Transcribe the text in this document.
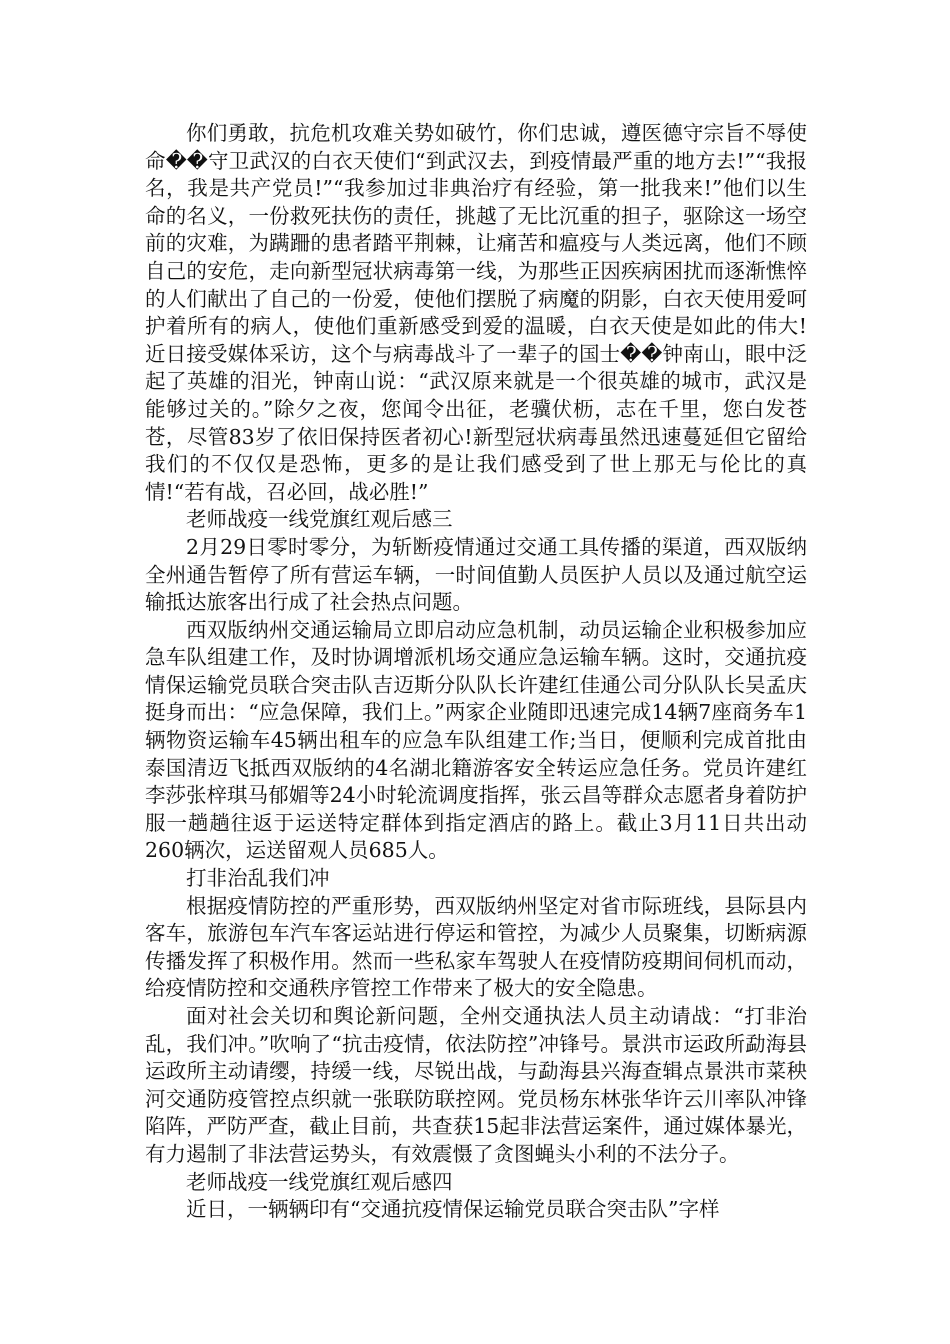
你们勇敢，抗危机攻难关势如破竹，你们忠诚，遵医德守宗旨不辱使命��守卫武汉的白衣天使们“到武汉去，到疫情最严重的地方去!”“我报名，我是共产党员!”“我参加过非典治疗有经验，第一批我来!”他们以生命的名义，一份救死扶伤的责任，挑越了无比沉重的担子，驱除这一场空前的灾难，为蹒跚的患者踏平荆棘，让痛苦和瘟疫与人类远离，他们不顾自己的安危，走向新型冠状病毒第一线，为那些正因疾病困扰而逐渐憔悴的人们献出了自己的一份爱，使他们摆脱了病魔的阴影，白衣天使用爱呵护着所有的病人，使他们重新感受到爱的温暖，白衣天使是如此的伟大!近日接受媒体采访，这个与病毒战斗了一辈子的国士��钟南山，眼中泛起了英雄的泪光，钟南山说：“武汉原来就是一个很英雄的城市，武汉是能够过关的。”除夕之夜，您闻令出征，老骥伏枥，志在千里，您白发苍苍，尽管83岁了依旧保持医者初心!新型冠状病毒虽然迅速蔓延但它留给我们的不仅仅是恐怖，更多的是让我们感受到了世上那无与伦比的真情!“若有战，召必回，战必胜!”

老师战疫一线党旗红观后感三

2月29日零时零分，为斩断疫情通过交通工具传播的渠道，西双版纳全州通告暂停了所有营运车辆，一时间值勤人员医护人员以及通过航空运输抵达旅客出行成了社会热点问题。

西双版纳州交通运输局立即启动应急机制，动员运输企业积极参加应急车队组建工作，及时协调增派机场交通应急运输车辆。这时，交通抗疫情保运输党员联合突击队吉迈斯分队队长许建红佳通公司分队队长吴孟庆挺身而出：“应急保障，我们上。”两家企业随即迅速完成14辆7座商务车1辆物资运输车45辆出租车的应急车队组建工作;当日，便顺利完成首批由泰国清迈飞抵西双版纳的4名湖北籍游客安全转运应急任务。党员许建红李莎张梓琪马郁媚等24小时轮流调度指挥，张云昌等群众志愿者身着防护服一趟趟往返于运送特定群体到指定酒店的路上。截止3月11日共出动260辆次，运送留观人员685人。

打非治乱我们冲

根据疫情防控的严重形势，西双版纳州坚定对省市际班线，县际县内客车，旅游包车汽车客运站进行停运和管控，为减少人员聚集，切断病源传播发挥了积极作用。然而一些私家车驾驶人在疫情防疫期间伺机而动，给疫情防控和交通秩序管控工作带来了极大的安全隐患。

面对社会关切和舆论新问题，全州交通执法人员主动请战：“打非治乱，我们冲。”吹响了“抗击疫情，依法防控”冲锋号。景洪市运政所勐海县运政所主动请缨，持缓一线，尽锐出战，与勐海县兴海查辑点景洪市菜秧河交通防疫管控点织就一张联防联控网。党员杨东林张华许云川率队冲锋陷阵，严防严查，截止目前，共查获15起非法营运案件，通过媒体暴光，有力遏制了非法营运势头，有效震慑了贪图蝇头小利的不法分子。

老师战疫一线党旗红观后感四

近日，一辆辆印有“交通抗疫情保运输党员联合突击队”字样
